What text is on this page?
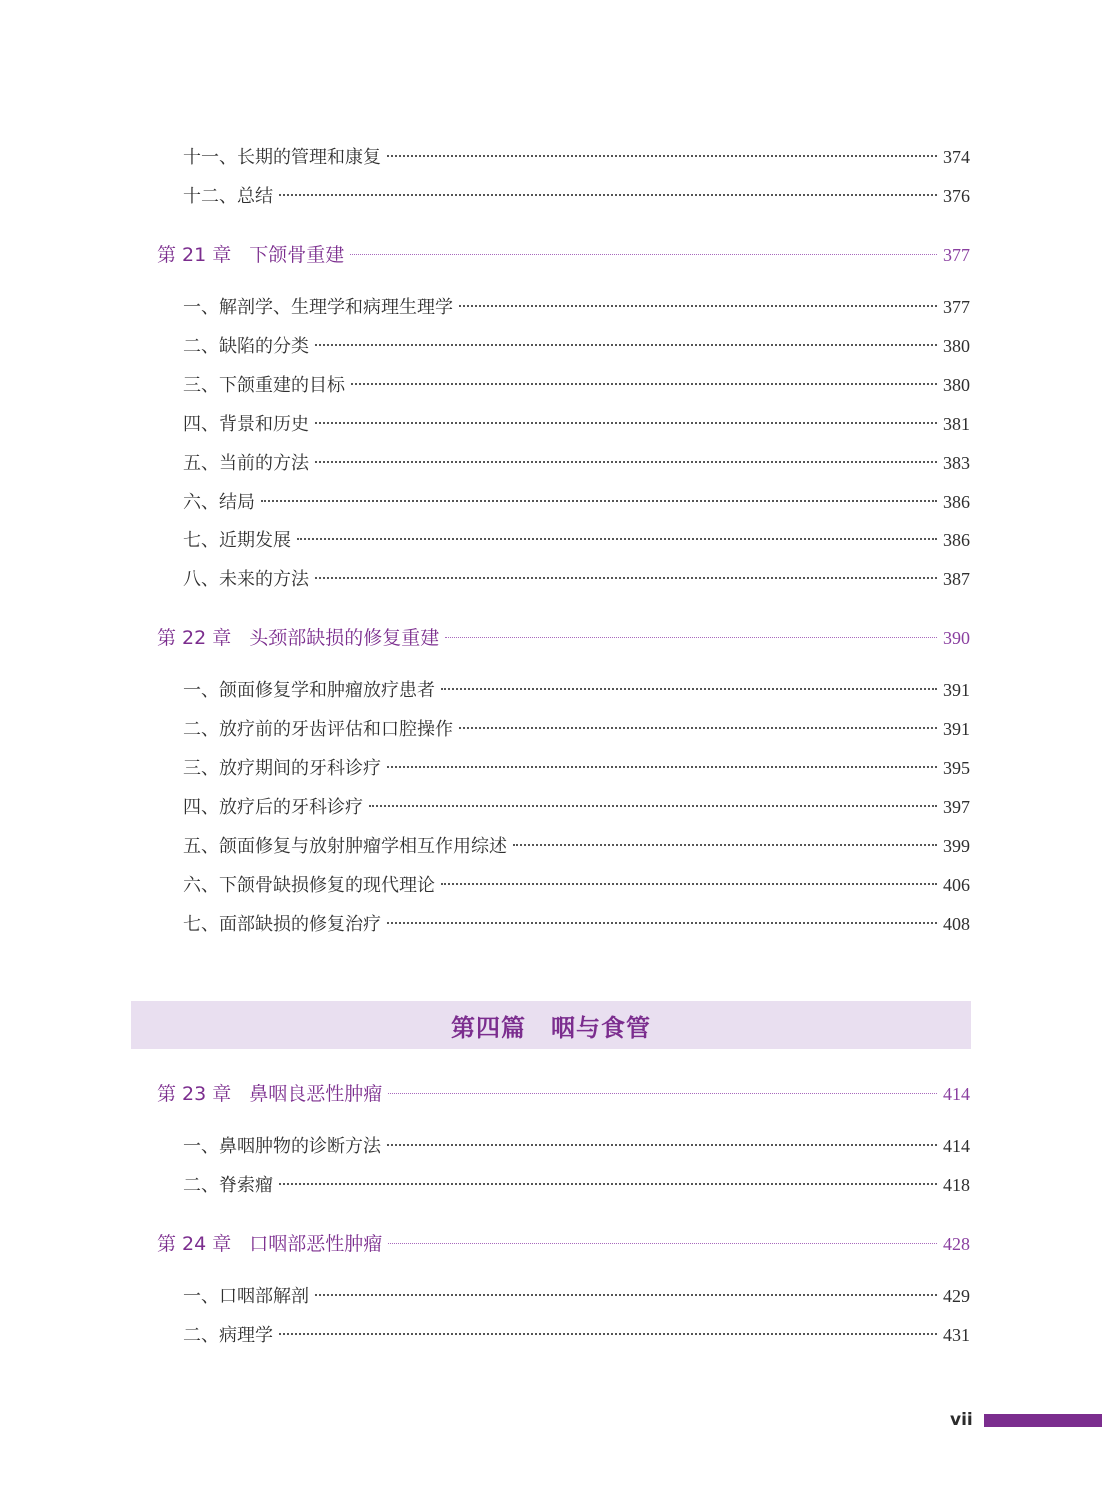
十一、长期的管理和康复	374
十二、总结	376
第 21 章 下颌骨重建	377
一、解剖学、生理学和病理生理学	377
二、缺陷的分类	380
三、下颌重建的目标	380
四、背景和历史	381
五、当前的方法	383
六、结局	386
七、近期发展	386
八、未来的方法	387
第 22 章 头颈部缺损的修复重建	390
一、颌面修复学和肿瘤放疗患者	391
二、放疗前的牙齿评估和口腔操作	391
三、放疗期间的牙科诊疗	395
四、放疗后的牙科诊疗	397
五、颌面修复与放射肿瘤学相互作用综述	399
六、下颌骨缺损修复的现代理论	406
七、面部缺损的修复治疗	408
第四篇　咽与食管
第 23 章 鼻咽良恶性肿瘤	414
一、鼻咽肿物的诊断方法	414
二、脊索瘤	418
第 24 章 口咽部恶性肿瘤	428
一、口咽部解剖	429
二、病理学	431
vii
